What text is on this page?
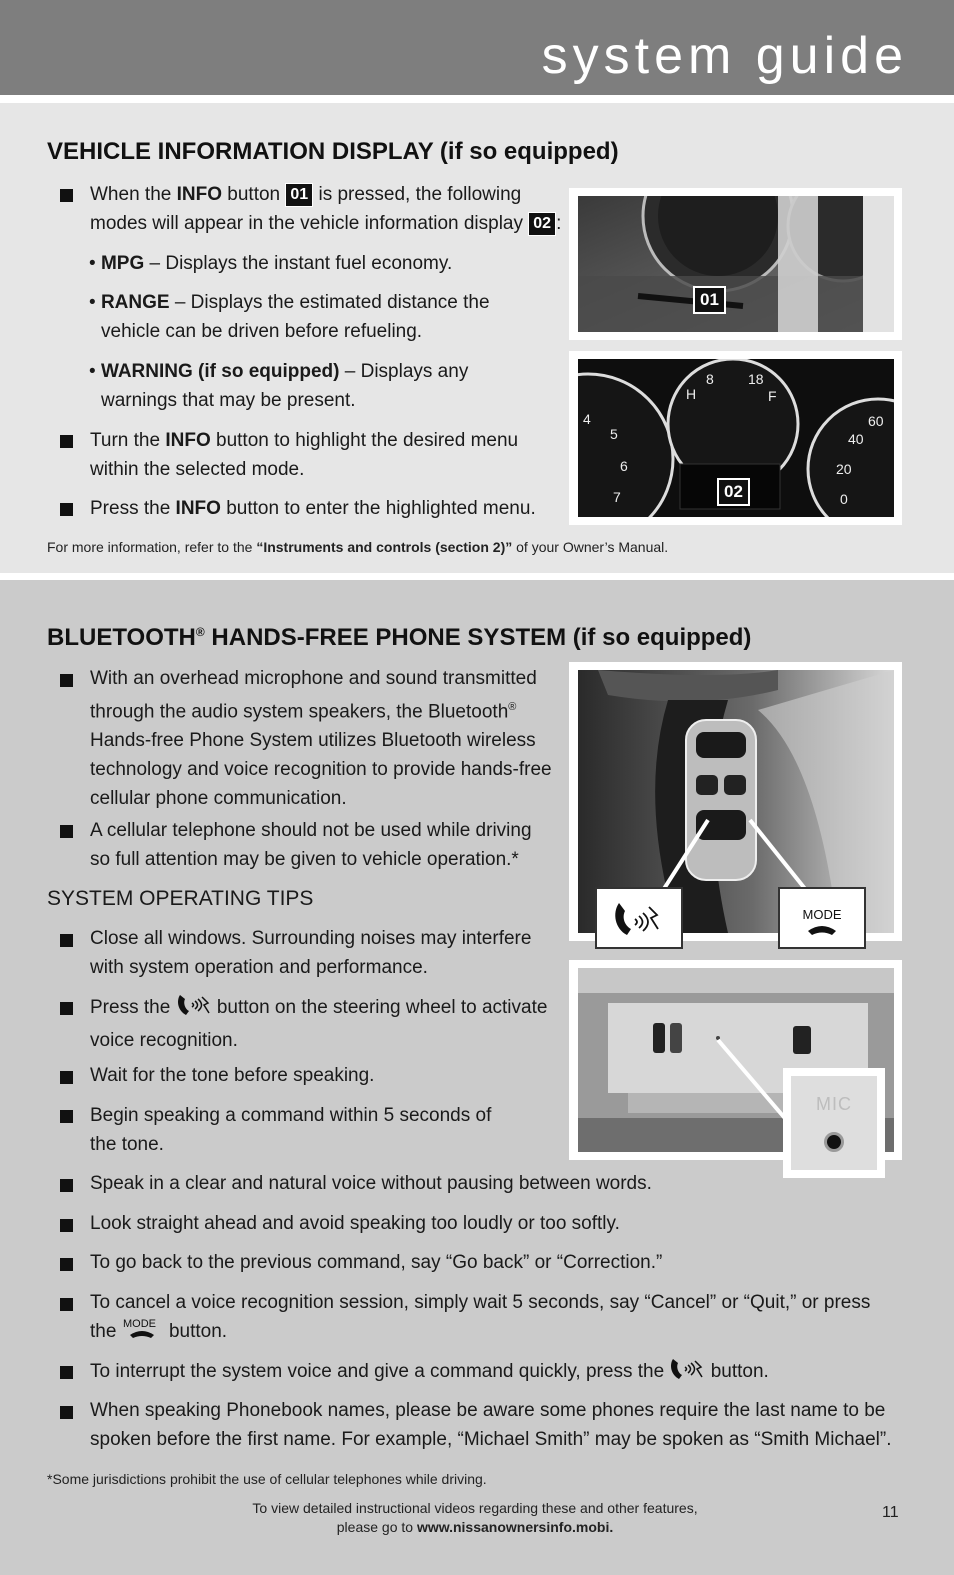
system guide
VEHICLE INFORMATION DISPLAY (if so equipped)
When the INFO button 01 is pressed, the following
modes will appear in the vehicle information display 02 :
• MPG – Displays the instant fuel economy.
• RANGE – Displays the estimated distance the
vehicle can be driven before refueling.
• WARNING (if so equipped) – Displays any
warnings that may be present.
Turn the INFO button to highlight the desired menu
within the selected mode.
Press the INFO button to enter the highlighted menu.
For more information, refer to the “Instruments and controls (section 2)” of your Owner’s Manual.
01
4
5
6
7
H
8 18
F
40
60
20
0
02
BLUETOOTH® HANDS-FREE PHONE SYSTEM (if so equipped)
With an overhead microphone and sound transmitted
through the audio system speakers, the Bluetooth®
Hands-free Phone System utilizes Bluetooth wireless
technology and voice recognition to provide hands-free
cellular phone communication.
A cellular telephone should not be used while driving
so full attention may be given to vehicle operation.*
SYSTEM OPERATING TIPS
Close all windows. Surrounding noises may interfere
with system operation and performance.
Press the  button on the steering wheel to activate
voice recognition.
Wait for the tone before speaking.
Begin speaking a command within 5 seconds of
the tone.
Speak in a clear and natural voice without pausing between words.
Look straight ahead and avoid speaking too loudly or too softly.
To go back to the previous command, say “Go back” or “Correction.”
To cancel a voice recognition session, simply wait 5 seconds, say “Cancel” or “Quit,” or press
the MODE button.
To interrupt the system voice and give a command quickly, press the  button.
When speaking Phonebook names, please be aware some phones require the last name to be
spoken before the first name. For example, “Michael Smith” may be spoken as “Smith Michael”.
*Some jurisdictions prohibit the use of cellular telephones while driving.
To view detailed instructional videos regarding these and other features,
please go to www.nissanownersinfo.mobi.
11
MODE
MIC
